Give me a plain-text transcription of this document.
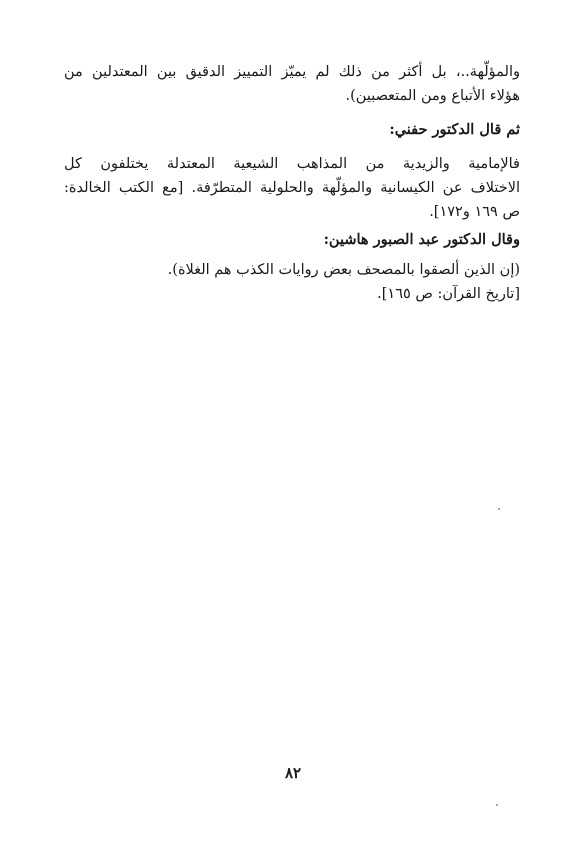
والمؤلّهة..، بل أكثر من ذلك لم يميّز التمييز الدقيق بين المعتدلين من
هؤلاء الأتباع ومن المتعصبين).
ثم قال الدكتور حفني:
فالإمامية والزيدية من المذاهب الشيعية المعتدلة يختلفون كل
الاختلاف عن الكيسانية والمؤلّهة والحلولية المتطرّفة. [مع الكتب الخالدة:
ص ١٦٩ و١٧٢].
وقال الدكتور عبد الصبور هاشين:
(إن الذين ألصقوا بالمصحف بعض روايات الكذب هم الغلاة).
[تاريخ القرآن: ص ١٦٥].
٨٢
